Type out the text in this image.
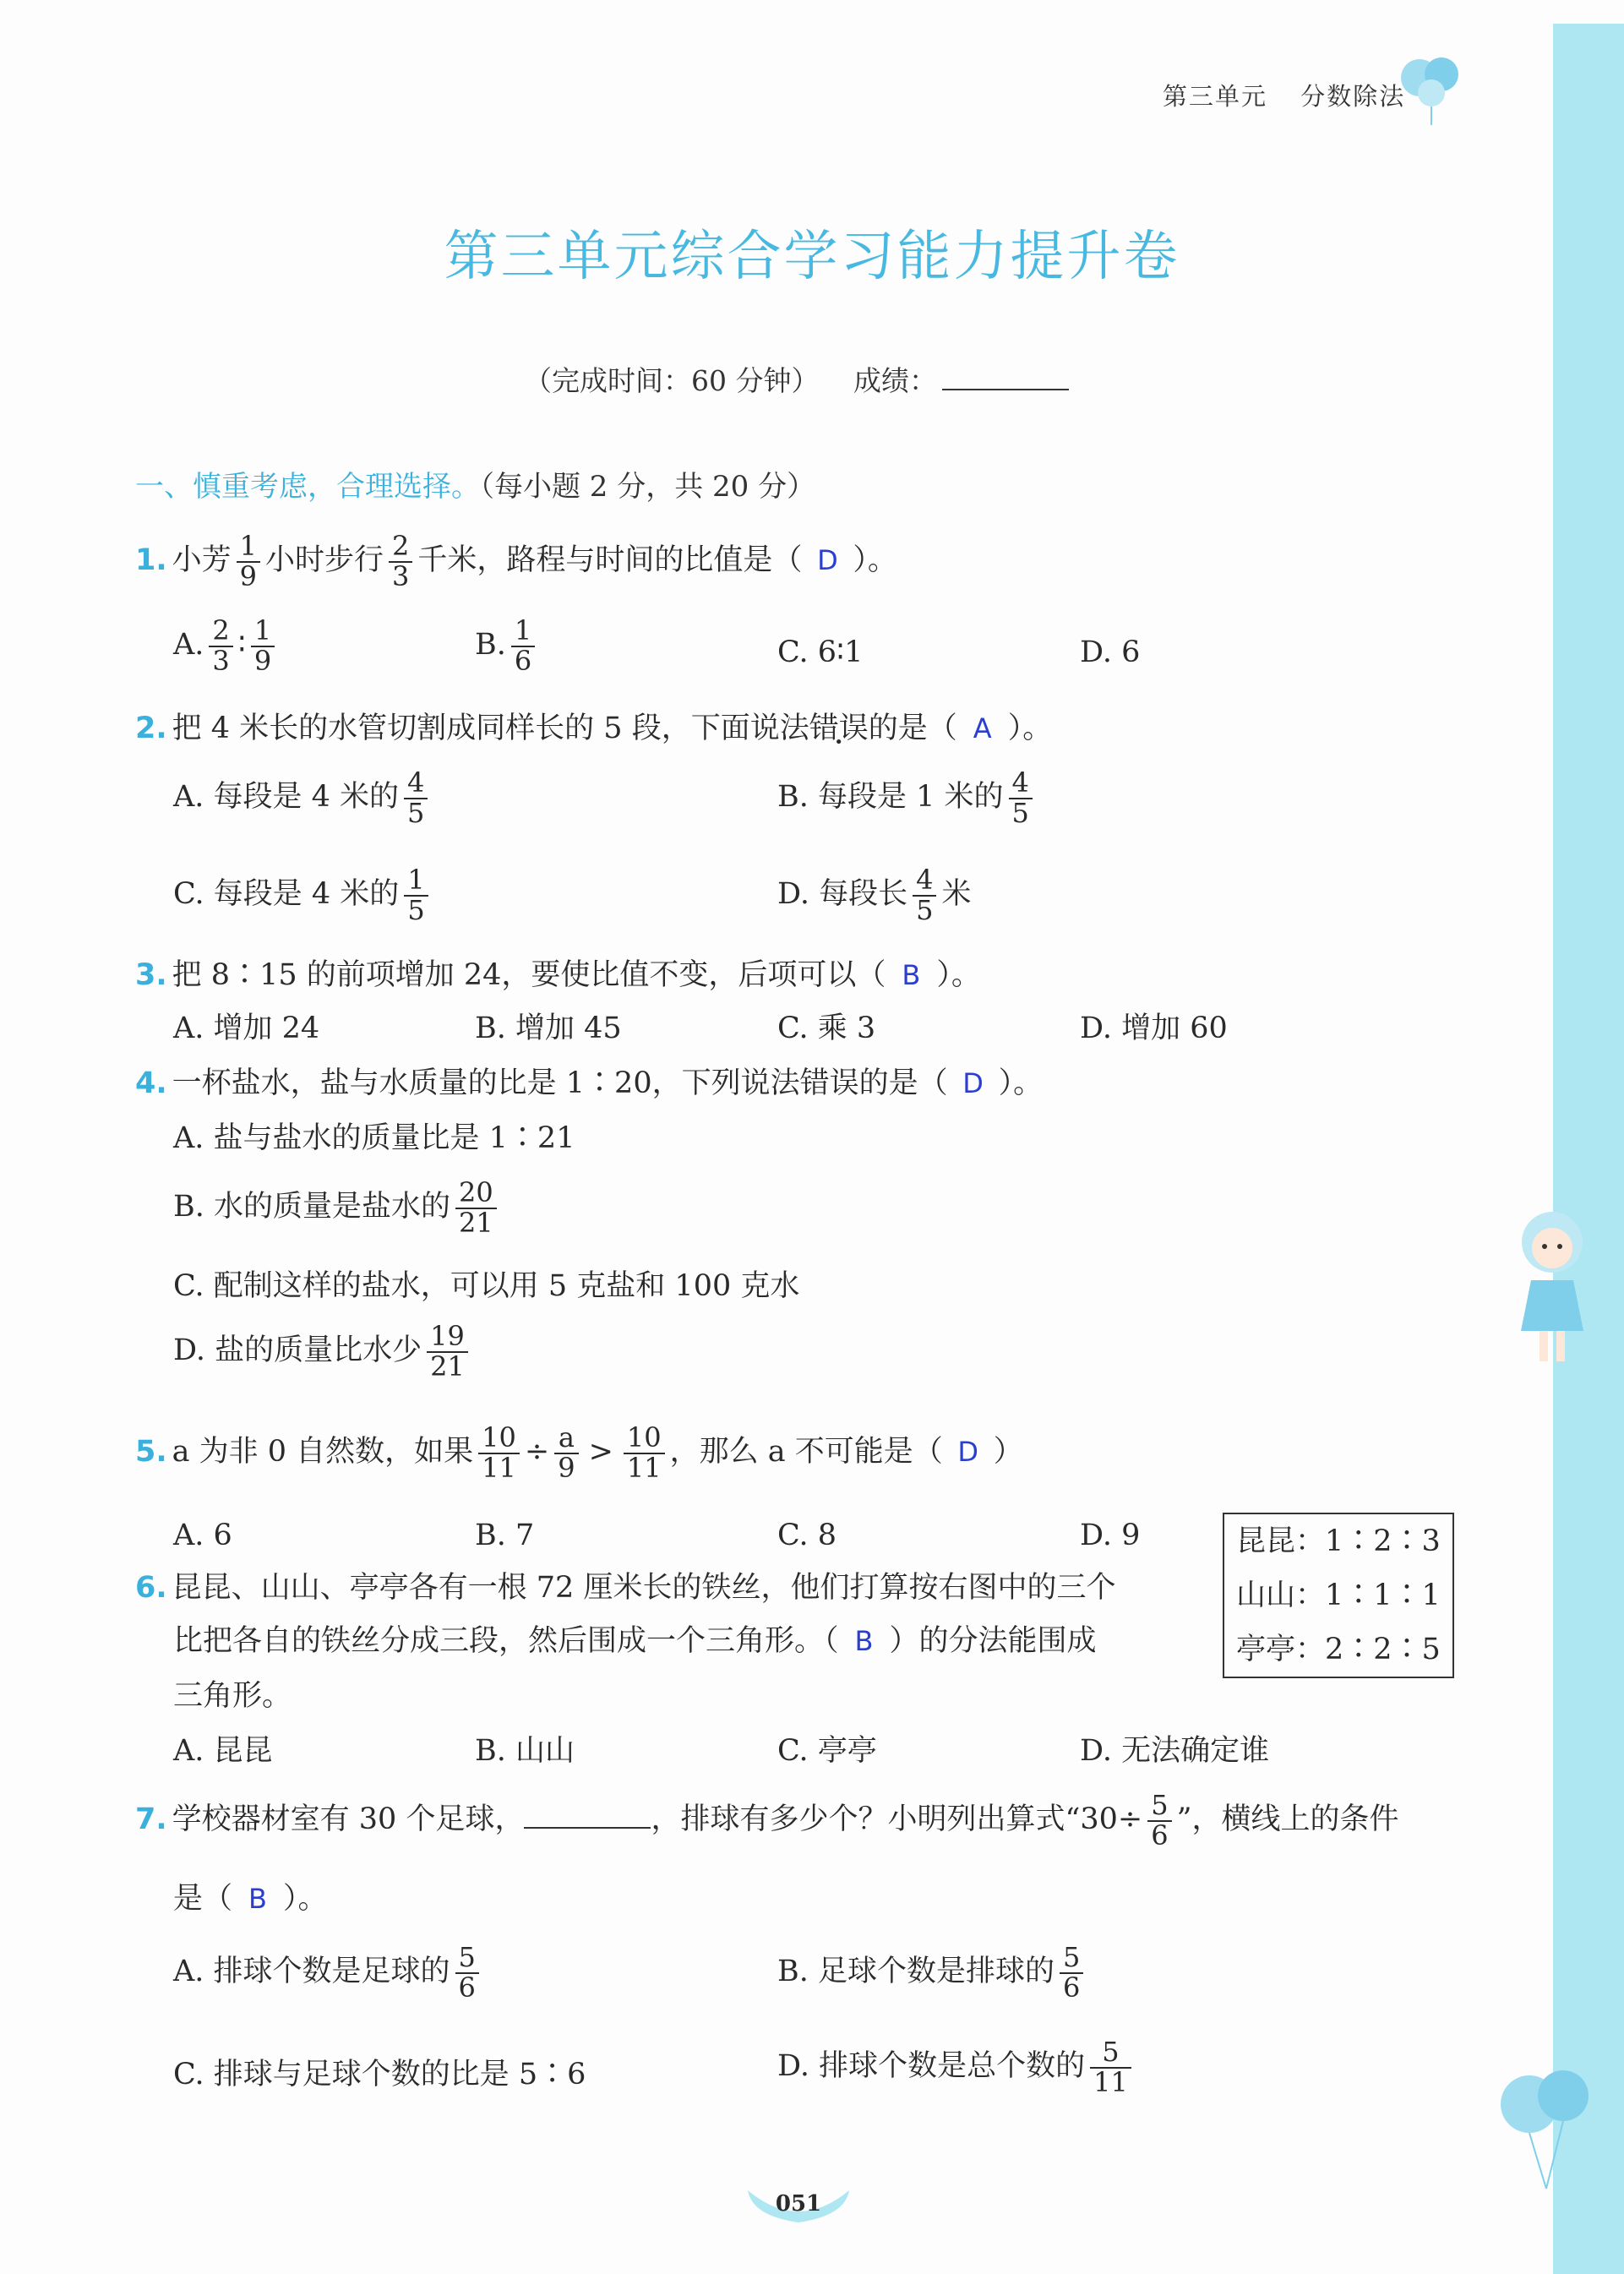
第三单元 分数除法
第三单元综合学习能力提升卷
（完成时间：60 分钟） 成绩：
一、慎重考虑，合理选择。（每小题 2 分，共 20 分）
1. 小芳 $\frac{1}{9}$ 小时步行 $\frac{2}{3}$ 千米，路程与时间的比值是（ D ）。
A. $\frac{2}{3}$ ∶ $\frac{1}{9}$	B. $\frac{1}{6}$	C. 6∶1	D. 6
2. 把 4 米长的水管切割成同样长的 5 段，下面说法错误的是（ A ）。
A. 每段是 4 米的 $\frac{4}{5}$	B. 每段是 1 米的 $\frac{4}{5}$
C. 每段是 4 米的 $\frac{1}{5}$	D. 每段长 $\frac{4}{5}$ 米
3. 把 8∶15 的前项增加 24，要使比值不变，后项可以（ B ）。
A. 增加 24	B. 增加 45	C. 乘 3	D. 增加 60
4. 一杯盐水，盐与水质量的比是 1∶20，下列说法错误的是（ D ）。
A. 盐与盐水的质量比是 1∶21
B. 水的质量是盐水的 $\frac{20}{21}$
C. 配制这样的盐水，可以用 5 克盐和 100 克水
D. 盐的质量比水少 $\frac{19}{21}$
5. a 为非 0 自然数，如果 $\frac{10}{11} \div \frac{a}{9} > \frac{10}{11}$ ，那么 a 不可能是（ D ）
A. 6	B. 7	C. 8	D. 9
6. 昆昆、山山、亭亭各有一根 72 厘米长的铁丝，他们打算按右图中的三个
比把各自的铁丝分成三段，然后围成一个三角形。（ B ）的分法能围成
三角形。
昆昆：1∶2∶3
山山：1∶1∶1
亭亭：2∶2∶5
A. 昆昆	B. 山山	C. 亭亭	D. 无法确定谁
7. 学校器材室有 30 个足球，	，排球有多少个？小明列出算式“$30\div \frac{5}{6}$ ”，横线上的条件
是（ B ）。
A. 排球个数是足球的 $\frac{5}{6}$	B. 足球个数是排球的 $\frac{5}{6}$
C. 排球与足球个数的比是 5∶6	D. 排球个数是总个数的 $\frac{5}{11}$
051
